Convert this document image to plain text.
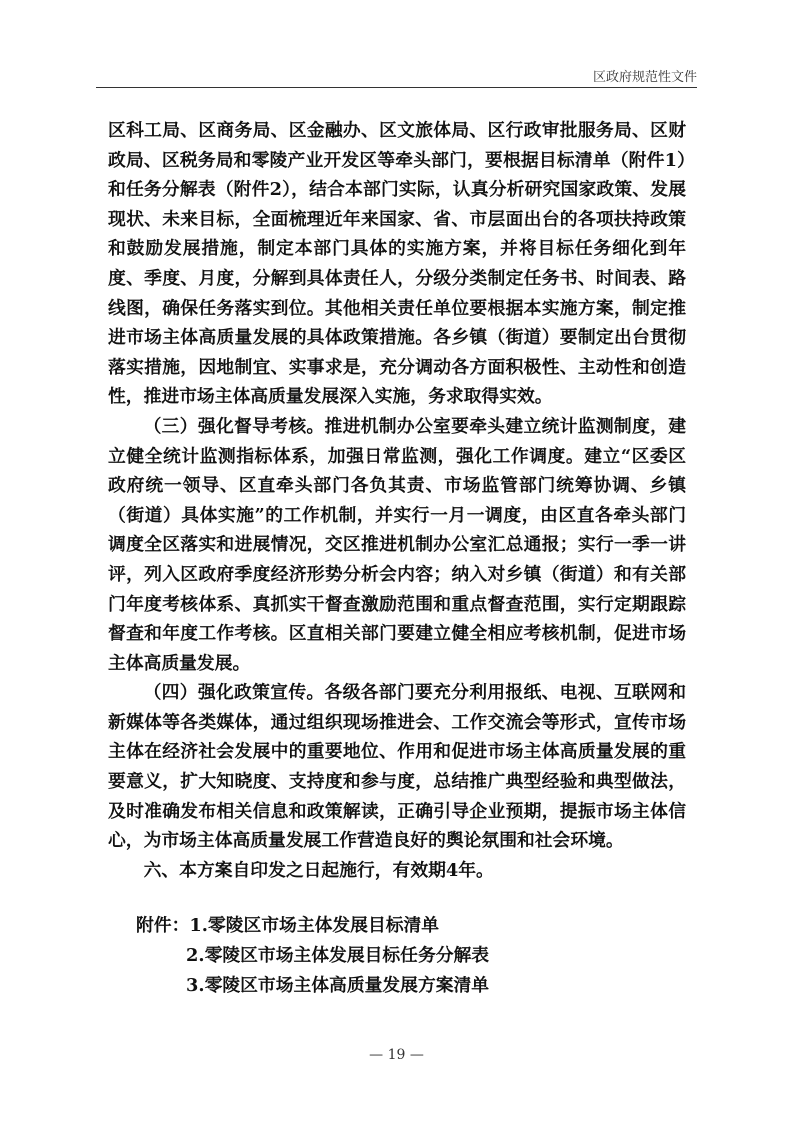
区政府规范性文件

区科工局、区商务局、区金融办、区文旅体局、区行政审批服务局、区财政局、区税务局和零陵产业开发区等牵头部门，要根据目标清单（附件1）和任务分解表（附件2），结合本部门实际，认真分析研究国家政策、发展现状、未来目标，全面梳理近年来国家、省、市层面出台的各项扶持政策和鼓励发展措施，制定本部门具体的实施方案，并将目标任务细化到年度、季度、月度，分解到具体责任人，分级分类制定任务书、时间表、路线图，确保任务落实到位。其他相关责任单位要根据本实施方案，制定推进市场主体高质量发展的具体政策措施。各乡镇（街道）要制定出台贯彻落实措施，因地制宜、实事求是，充分调动各方面积极性、主动性和创造性，推进市场主体高质量发展深入实施，务求取得实效。

（三）强化督导考核。推进机制办公室要牵头建立统计监测制度，建立健全统计监测指标体系，加强日常监测，强化工作调度。建立“区委区政府统一领导、区直牵头部门各负其责、市场监管部门统筹协调、乡镇（街道）具体实施”的工作机制，并实行一月一调度，由区直各牵头部门调度全区落实和进展情况，交区推进机制办公室汇总通报；实行一季一讲评，列入区政府季度经济形势分析会内容；纳入对乡镇（街道）和有关部门年度考核体系、真抓实干督查激励范围和重点督查范围，实行定期跟踪督查和年度工作考核。区直相关部门要建立健全相应考核机制，促进市场主体高质量发展。

（四）强化政策宣传。各级各部门要充分利用报纸、电视、互联网和新媒体等各类媒体，通过组织现场推进会、工作交流会等形式，宣传市场主体在经济社会发展中的重要地位、作用和促进市场主体高质量发展的重要意义，扩大知晓度、支持度和参与度，总结推广典型经验和典型做法，及时准确发布相关信息和政策解读，正确引导企业预期，提振市场主体信心，为市场主体高质量发展工作营造良好的舆论氛围和社会环境。

六、本方案自印发之日起施行，有效期4年。

附件：1.零陵区市场主体发展目标清单

2.零陵区市场主体发展目标任务分解表

3.零陵区市场主体高质量发展方案清单

— 19 —
